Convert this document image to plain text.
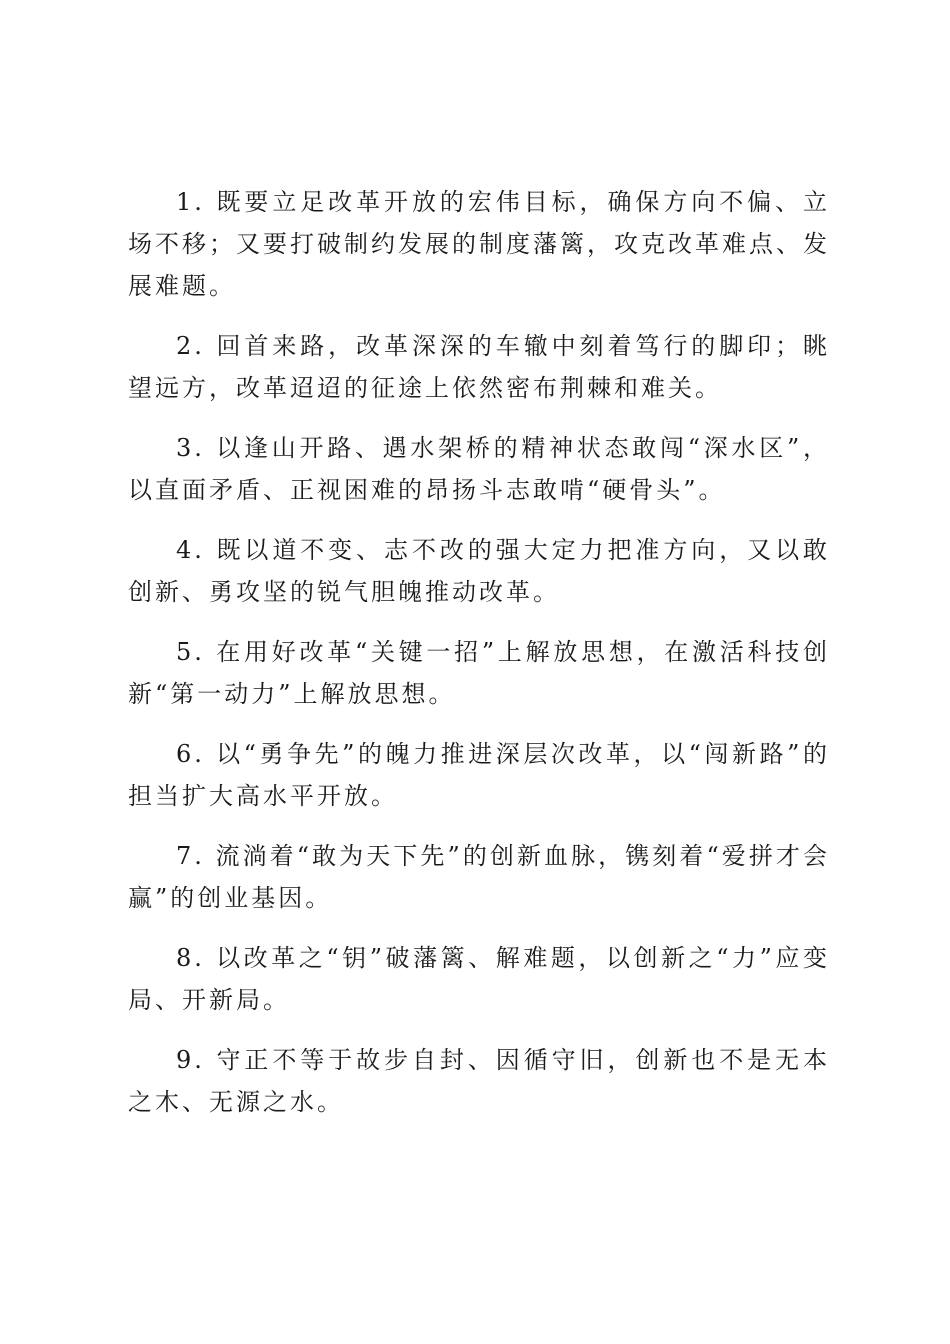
1. 既要立足改革开放的宏伟目标，确保方向不偏、立场不移；又要打破制约发展的制度藩篱，攻克改革难点、发展难题。

2. 回首来路，改革深深的车辙中刻着笃行的脚印；眺望远方，改革迢迢的征途上依然密布荆棘和难关。

3. 以逢山开路、遇水架桥的精神状态敢闯“深水区”， 以直面矛盾、正视困难的昂扬斗志敢啃“硬骨头”。

4. 既以道不变、志不改的强大定力把准方向，又以敢创新、勇攻坚的锐气胆魄推动改革。

5. 在用好改革“关键一招”上解放思想，在激活科技创新“第一动力”上解放思想。

6. 以“勇争先”的魄力推进深层次改革，以“闯新路”的担当扩大高水平开放。

7. 流淌着“敢为天下先”的创新血脉，镌刻着“爱拼才会赢”的创业基因。

8. 以改革之“钥”破藩篱、解难题，以创新之“力”应变局、开新局。

9. 守正不等于故步自封、因循守旧，创新也不是无本之木、无源之水。
